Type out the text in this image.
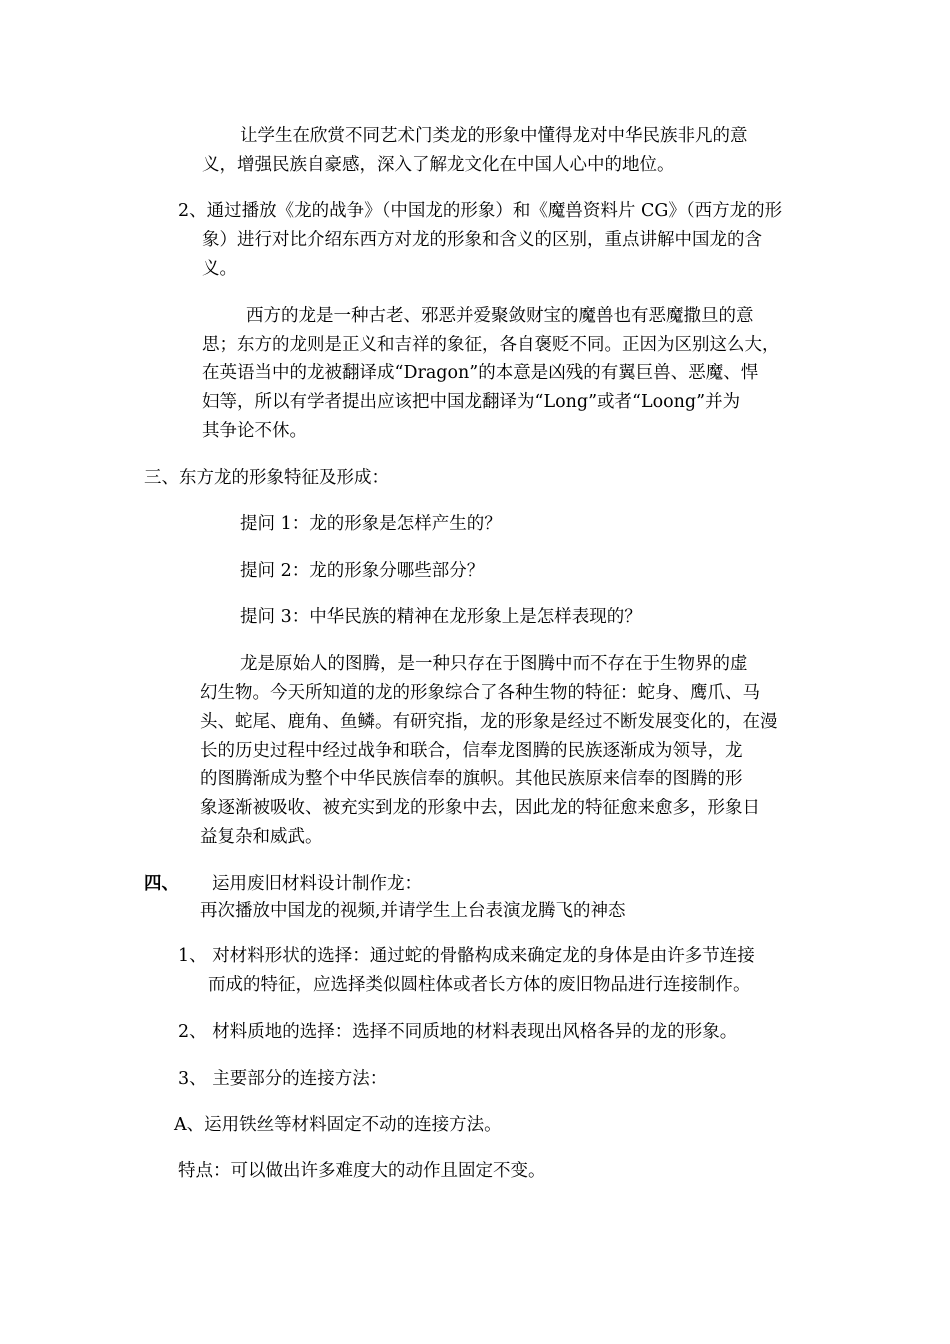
让学生在欣赏不同艺术门类龙的形象中懂得龙对中华民族非凡的意
义，增强民族自豪感，深入了解龙文化在中国人心中的地位。
2、通过播放《龙的战争》（中国龙的形象）和《魔兽资料片 CG》（西方龙的形
象）进行对比介绍东西方对龙的形象和含义的区别，重点讲解中国龙的含
义。
西方的龙是一种古老、邪恶并爱聚敛财宝的魔兽也有恶魔撒旦的意
思；东方的龙则是正义和吉祥的象征，各自褒贬不同。正因为区别这么大，
在英语当中的龙被翻译成“Dragon”的本意是凶残的有翼巨兽、恶魔、悍
妇等，所以有学者提出应该把中国龙翻译为“Long”或者“Loong”并为
其争论不休。
三、东方龙的形象特征及形成：
提问 1：龙的形象是怎样产生的？
提问 2：龙的形象分哪些部分？
提问 3：中华民族的精神在龙形象上是怎样表现的？
龙是原始人的图腾，是一种只存在于图腾中而不存在于生物界的虚
幻生物。今天所知道的龙的形象综合了各种生物的特征：蛇身、鹰爪、马
头、蛇尾、鹿角、鱼鳞。有研究指，龙的形象是经过不断发展变化的，在漫
长的历史过程中经过战争和联合，信奉龙图腾的民族逐渐成为领导，龙
的图腾渐成为整个中华民族信奉的旗帜。其他民族原来信奉的图腾的形
象逐渐被吸收、被充实到龙的形象中去，因此龙的特征愈来愈多，形象日
益复杂和威武。
四、 运用废旧材料设计制作龙：
再次播放中国龙的视频,并请学生上台表演龙腾飞的神态
1、 对材料形状的选择：通过蛇的骨骼构成来确定龙的身体是由许多节连接
而成的特征，应选择类似圆柱体或者长方体的废旧物品进行连接制作。
2、 材料质地的选择：选择不同质地的材料表现出风格各异的龙的形象。
3、 主要部分的连接方法：
A、运用铁丝等材料固定不动的连接方法。
特点：可以做出许多难度大的动作且固定不变。
